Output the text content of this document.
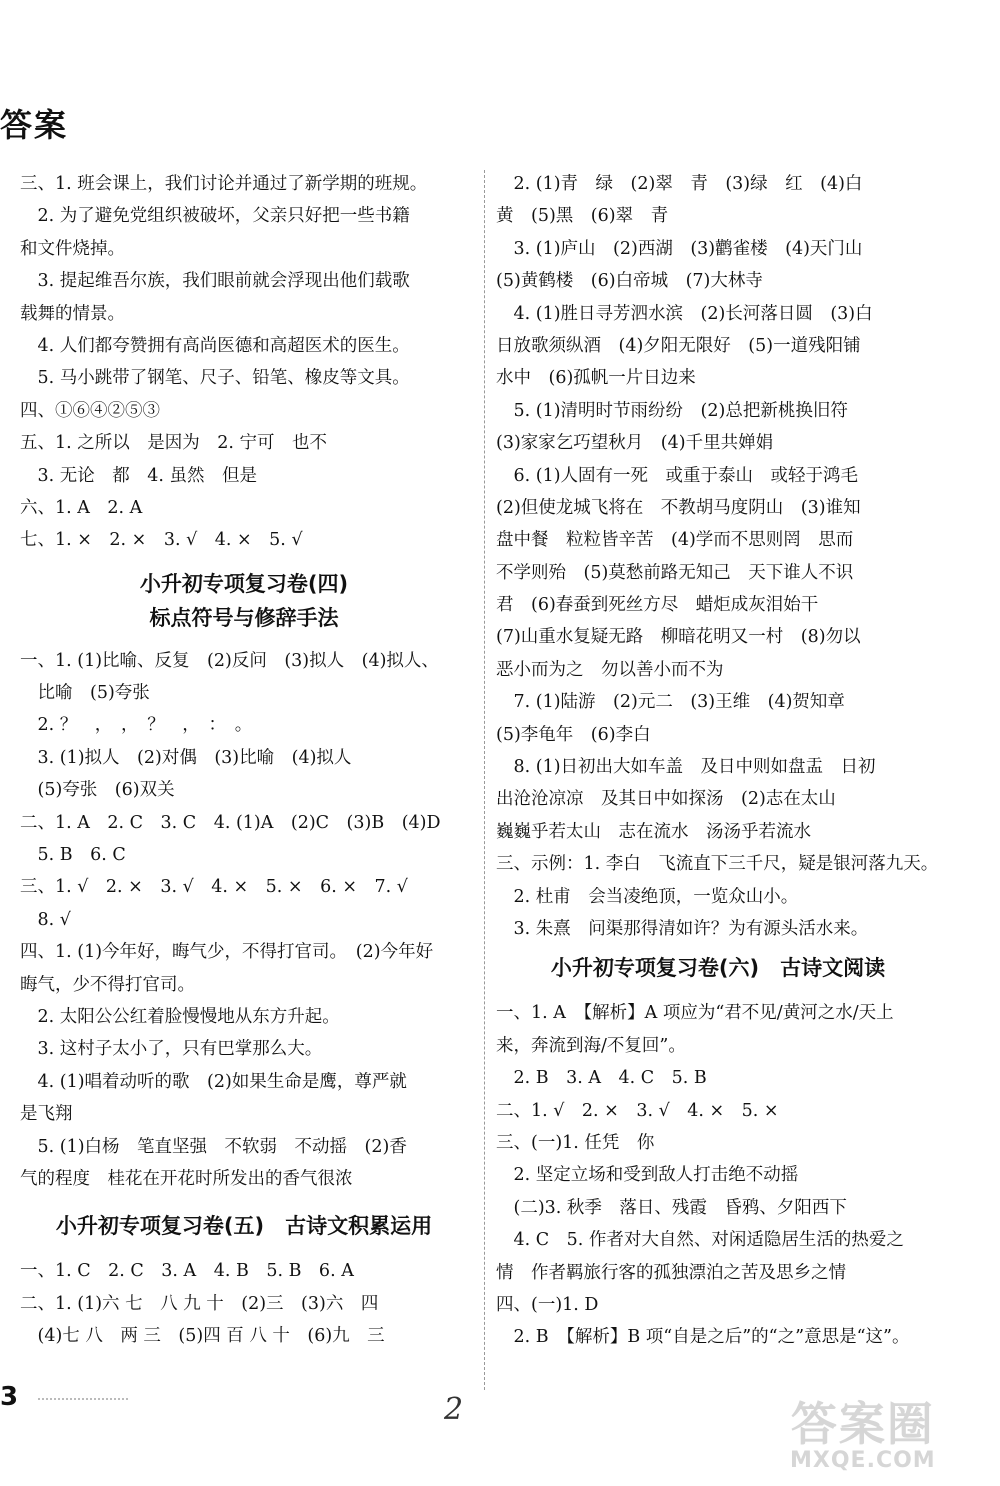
答案
三、1. 班会课上，我们讨论并通过了新学期的班规。
　2. 为了避免党组织被破坏，父亲只好把一些书籍
和文件烧掉。
　3. 提起维吾尔族，我们眼前就会浮现出他们载歌
载舞的情景。
　4. 人们都夸赞拥有高尚医德和高超医术的医生。
　5. 马小跳带了钢笔、尺子、铅笔、橡皮等文具。
四、①⑥④②⑤③
五、1. 之所以　是因为　2. 宁可　也不
　3. 无论　都　4. 虽然　但是
六、1. A　2. A
七、1. ×　2. ×　3. √　4. ×　5. √
小升初专项复习卷(四)
标点符号与修辞手法
一、1. (1)比喻、反复　(2)反问　(3)拟人　(4)拟人、
　比喻　(5)夸张
　2. ？　，　，　？　，　：　。
　3. (1)拟人　(2)对偶　(3)比喻　(4)拟人
　(5)夸张　(6)双关
二、1. A　2. C　3. C　4. (1)A　(2)C　(3)B　(4)D
　5. B　6. C
三、1. √　2. ×　3. √　4. ×　5. ×　6. ×　7. √
　8. √
四、1. (1)今年好，晦气少，不得打官司。　(2)今年好
晦气，少不得打官司。
　2. 太阳公公红着脸慢慢地从东方升起。
　3. 这村子太小了，只有巴掌那么大。
　4. (1)唱着动听的歌　(2)如果生命是鹰，尊严就
是飞翔
　5. (1)白杨　笔直坚强　不软弱　不动摇　(2)香
气的程度　桂花在开花时所发出的香气很浓
小升初专项复习卷(五)　古诗文积累运用
一、1. C　2. C　3. A　4. B　5. B　6. A
二、1. (1)六 七　八 九 十　(2)三　(3)六　四
　(4)七 八　两 三　(5)四 百 八 十　(6)九　三
　2. (1)青　绿　(2)翠　青　(3)绿　红　(4)白
黄　(5)黑　(6)翠　青
　3. (1)庐山　(2)西湖　(3)鹳雀楼　(4)天门山
(5)黄鹤楼　(6)白帝城　(7)大林寺
　4. (1)胜日寻芳泗水滨　(2)长河落日圆　(3)白
日放歌须纵酒　(4)夕阳无限好　(5)一道残阳铺
水中　(6)孤帆一片日边来
　5. (1)清明时节雨纷纷　(2)总把新桃换旧符
(3)家家乞巧望秋月　(4)千里共婵娟
　6. (1)人固有一死　或重于泰山　或轻于鸿毛
(2)但使龙城飞将在　不教胡马度阴山　(3)谁知
盘中餐　粒粒皆辛苦　(4)学而不思则罔　思而
不学则殆　(5)莫愁前路无知己　天下谁人不识
君　(6)春蚕到死丝方尽　蜡炬成灰泪始干
(7)山重水复疑无路　柳暗花明又一村　(8)勿以
恶小而为之　勿以善小而不为
　7. (1)陆游　(2)元二　(3)王维　(4)贺知章
(5)李龟年　(6)李白
　8. (1)日初出大如车盖　及日中则如盘盂　日初
出沧沧凉凉　及其日中如探汤　(2)志在太山
巍巍乎若太山　志在流水　汤汤乎若流水
三、示例：1. 李白　飞流直下三千尺，疑是银河落九天。
　2. 杜甫　会当凌绝顶，一览众山小。
　3. 朱熹　问渠那得清如许？为有源头活水来。
小升初专项复习卷(六)　古诗文阅读
一、1. A　【解析】A 项应为“君不见/黄河之水/天上
来，奔流到海/不复回”。
　2. B　3. A　4. C　5. B
二、1. √　2. ×　3. √　4. ×　5. ×
三、(一)1. 任凭　你
　2. 坚定立场和受到敌人打击绝不动摇
　(二)3. 秋季　落日、残霞　昏鸦、夕阳西下
　4. C　5. 作者对大自然、对闲适隐居生活的热爱之
情　作者羁旅行客的孤独漂泊之苦及思乡之情
四、(一)1. D
　2. B　【解析】B 项“自是之后”的“之”意思是“这”。
3	2	答案圈
MXQE.COM
